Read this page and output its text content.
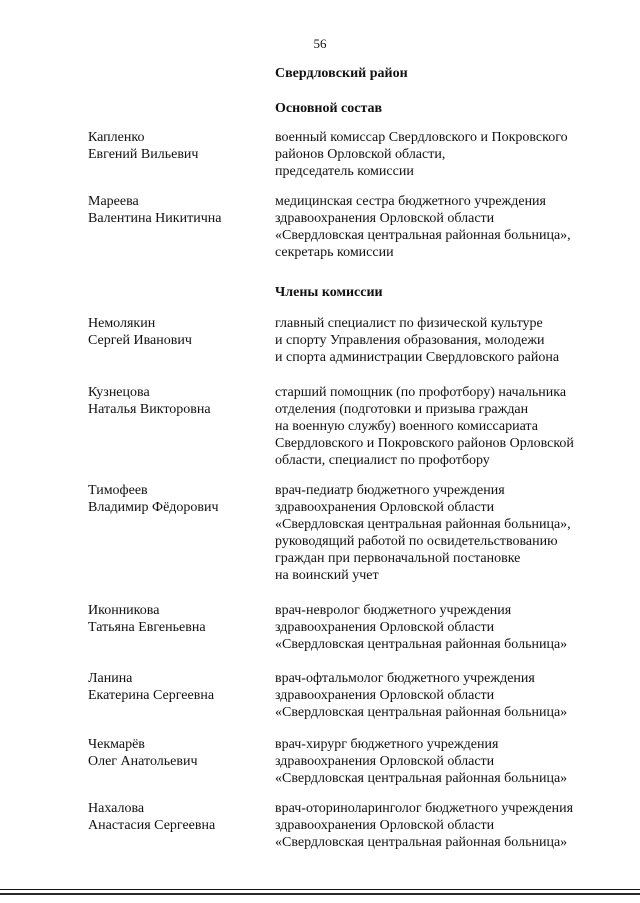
56
Свердловский район
Основной состав
Капленко
Евгений Вильевич
военный комиссар Свердловского и Покровского
районов Орловской области,
председатель комиссии
Мареева
Валентина Никитична
медицинская сестра бюджетного учреждения
здравоохранения Орловской области
«Свердловская центральная районная больница»,
секретарь комиссии
Члены комиссии
Немолякин
Сергей Иванович
главный специалист по физической культуре
и спорту Управления образования, молодежи
и спорта администрации Свердловского района
Кузнецова
Наталья Викторовна
старший помощник (по профотбору) начальника
отделения (подготовки и призыва граждан
на военную службу) военного комиссариата
Свердловского и Покровского районов Орловской
области, специалист по профотбору
Тимофеев
Владимир Фёдорович
врач-педиатр бюджетного учреждения
здравоохранения Орловской области
«Свердловская центральная районная больница»,
руководящий работой по освидетельствованию
граждан при первоначальной постановке
на воинский учет
Иконникова
Татьяна Евгеньевна
врач-невролог бюджетного учреждения
здравоохранения Орловской области
«Свердловская центральная районная больница»
Ланина
Екатерина Сергеевна
врач-офтальмолог бюджетного учреждения
здравоохранения Орловской области
«Свердловская центральная районная больница»
Чекмарёв
Олег Анатольевич
врач-хирург бюджетного учреждения
здравоохранения Орловской области
«Свердловская центральная районная больница»
Нахалова
Анастасия Сергеевна
врач-оториноларинголог бюджетного учреждения
здравоохранения Орловской области
«Свердловская центральная районная больница»
